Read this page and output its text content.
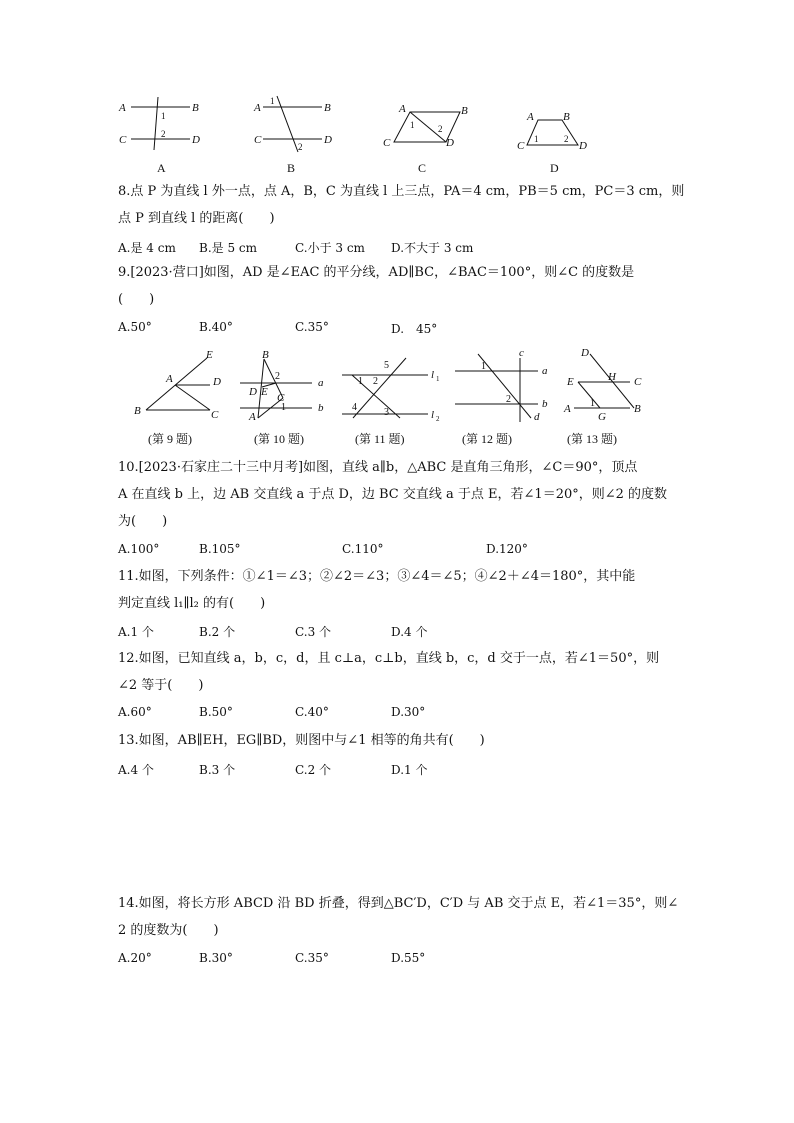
A	B
C	D
1
2
A
A	B
C	D
1
2
B
A	B
C	D
1	2
C
A	B
C	D
1	2
D
8.点 P 为直线 l 外一点，点 A，B，C 为直线 l 上三点，PA＝4 cm，PB＝5 cm，PC＝3 cm，则
点 P 到直线 l 的距离(　　)
A.是 4 cm B.是 5 cm	C.小于 3 cm D.不大于 3 cm
9.[2023·营口]如图，AD 是∠EAC 的平分线，AD∥BC，∠BAC＝100°，则∠C 的度数是
(　　)
A.50°	B.40°	C.35°	D.　45°
E
A	D
B	C
(第 9 题)
B
2
D E C
1
A
a
b
(第 10 题)
5
1 2
4	3
l 1
l 2
(第 11 题)
c
a
b
d
1
2
(第 12 题)
D
E	H C
A 1
G
B
(第 13 题)
10.[2023·石家庄二十三中月考]如图，直线 a∥b，△ABC 是直角三角形，∠C＝90°，顶点
A 在直线 b 上，边 AB 交直线 a 于点 D，边 BC 交直线 a 于点 E，若∠1＝20°，则∠2 的度数
为(　　)
A.100°	B.105°	C.110°	D.120°
11.如图，下列条件：①∠1＝∠3；②∠2＝∠3；③∠4＝∠5；④∠2＋∠4＝180°，其中能
判定直线 l₁∥l₂ 的有(　　)
A.1 个	B.2 个	C.3 个	D.4 个
12.如图，已知直线 a，b，c，d，且 c⊥a，c⊥b，直线 b，c，d 交于一点，若∠1＝50°，则
∠2 等于(　　)
A.60°	B.50°	C.40°	D.30°
13.如图，AB∥EH，EG∥BD，则图中与∠1 相等的角共有(　　)
A.4 个	B.3 个	C.2 个	D.1 个
14.如图，将长方形 ABCD 沿 BD 折叠，得到△BC′D，C′D 与 AB 交于点 E，若∠1＝35°，则∠
2 的度数为(　　)
A.20°	B.30°	C.35°	D.55°
